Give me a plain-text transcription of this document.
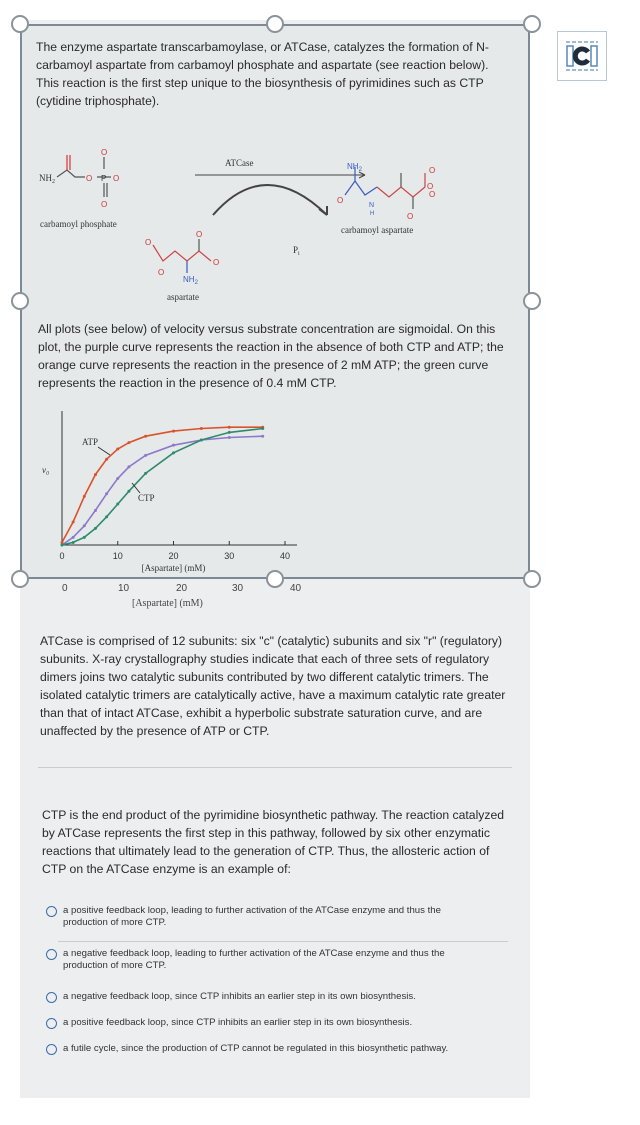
The enzyme aspartate transcarbamoylase, or ATCase, catalyzes the formation of N-carbamoyl aspartate from carbamoyl phosphate and aspartate (see reaction below). This reaction is the first step unique to the biosynthesis of pyrimidines such as CTP (cytidine triphosphate).
$NH_2$	O P O
O
O
carbamoyl phosphate
ATCase
$P_i$
O
O
$NH_2$
O
O
aspartate
$NH_2$
O
N
H
O
O
O
O
carbamoyl aspartate
All plots (see below) of velocity versus substrate concentration are sigmoidal. On this plot, the purple curve represents the reaction in the absence of both CTP and ATP; the orange curve represents the reaction in the presence of 2 mM ATP; the green curve represents the reaction in the presence of 0.4 mM CTP.
0	10	20	30	40
[Aspartate] (mM)
v₀
ATP
CTP
0	10	20	30	40
[Aspartate] (mM)
ATCase is comprised of 12 subunits: six "c" (catalytic) subunits and six "r" (regulatory) subunits. X-ray crystallography studies indicate that each of three sets of regulatory dimers joins two catalytic subunits contributed by two different catalytic trimers. The isolated catalytic trimers are catalytically active, have a maximum catalytic rate greater than that of intact ATCase, exhibit a hyperbolic substrate saturation curve, and are unaffected by the presence of ATP or CTP.
CTP is the end product of the pyrimidine biosynthetic pathway. The reaction catalyzed by ATCase represents the first step in this pathway, followed by six other enzymatic reactions that ultimately lead to the generation of CTP. Thus, the allosteric action of CTP on the ATCase enzyme is an example of:
a positive feedback loop, leading to further activation of the ATCase enzyme and thus the production of more CTP.
a negative feedback loop, leading to further activation of the ATCase enzyme and thus the production of more CTP.
a negative feedback loop, since CTP inhibits an earlier step in its own biosynthesis.
a positive feedback loop, since CTP inhibits an earlier step in its own biosynthesis.
a futile cycle, since the production of CTP cannot be regulated in this biosynthetic pathway.
